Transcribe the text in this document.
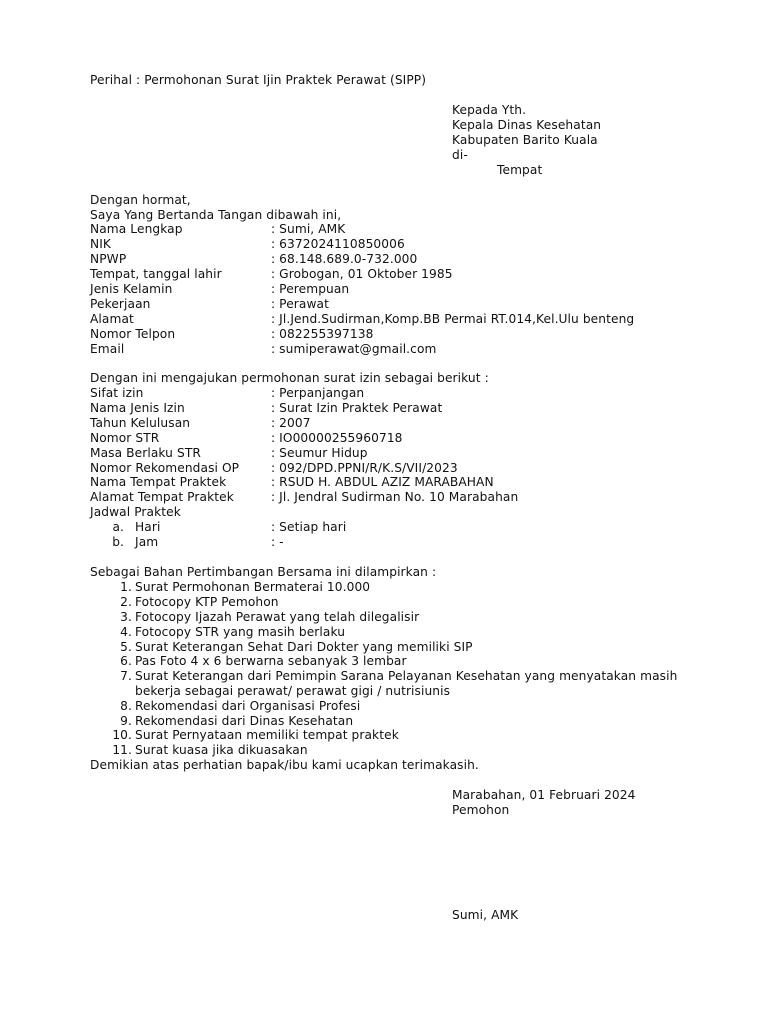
Perihal : Permohonan Surat Ijin Praktek Perawat (SIPP)
Kepada Yth.
Kepala Dinas Kesehatan
Kabupaten Barito Kuala
di-
Tempat
Dengan hormat,
Saya Yang Bertanda Tangan dibawah ini,
Nama Lengkap	: Sumi, AMK
NIK	: 6372024110850006
NPWP	: 68.148.689.0-732.000
Tempat, tanggal lahir	: Grobogan, 01 Oktober 1985
Jenis Kelamin	: Perempuan
Pekerjaan	: Perawat
Alamat	: Jl.Jend.Sudirman,Komp.BB Permai RT.014,Kel.Ulu benteng
Nomor Telpon	: 082255397138
Email	: sumiperawat@gmail.com
Dengan ini mengajukan permohonan surat izin sebagai berikut :
Sifat izin	: Perpanjangan
Nama Jenis Izin	: Surat Izin Praktek Perawat
Tahun Kelulusan	: 2007
Nomor STR	: IO00000255960718
Masa Berlaku STR	: Seumur Hidup
Nomor Rekomendasi OP	: 092/DPD.PPNI/R/K.S/VII/2023
Nama Tempat Praktek	: RSUD H. ABDUL AZIZ MARABAHAN
Alamat Tempat Praktek	: Jl. Jendral Sudirman No. 10 Marabahan
Jadwal Praktek
a. Hari	: Setiap hari
b. Jam	: -
Sebagai Bahan Pertimbangan Bersama ini dilampirkan :
1. Surat Permohonan Bermaterai 10.000
2. Fotocopy KTP Pemohon
3. Fotocopy Ijazah Perawat yang telah dilegalisir
4. Fotocopy STR yang masih berlaku
5. Surat Keterangan Sehat Dari Dokter yang memiliki SIP
6. Pas Foto 4 x 6 berwarna sebanyak 3 lembar
7. Surat Keterangan dari Pemimpin Sarana Pelayanan Kesehatan yang menyatakan masih
bekerja sebagai perawat/ perawat gigi / nutrisiunis
8. Rekomendasi dari Organisasi Profesi
9. Rekomendasi dari Dinas Kesehatan
10. Surat Pernyataan memiliki tempat praktek
11. Surat kuasa jika dikuasakan
Demikian atas perhatian bapak/ibu kami ucapkan terimakasih.
Marabahan, 01 Februari 2024
Pemohon
Sumi, AMK
